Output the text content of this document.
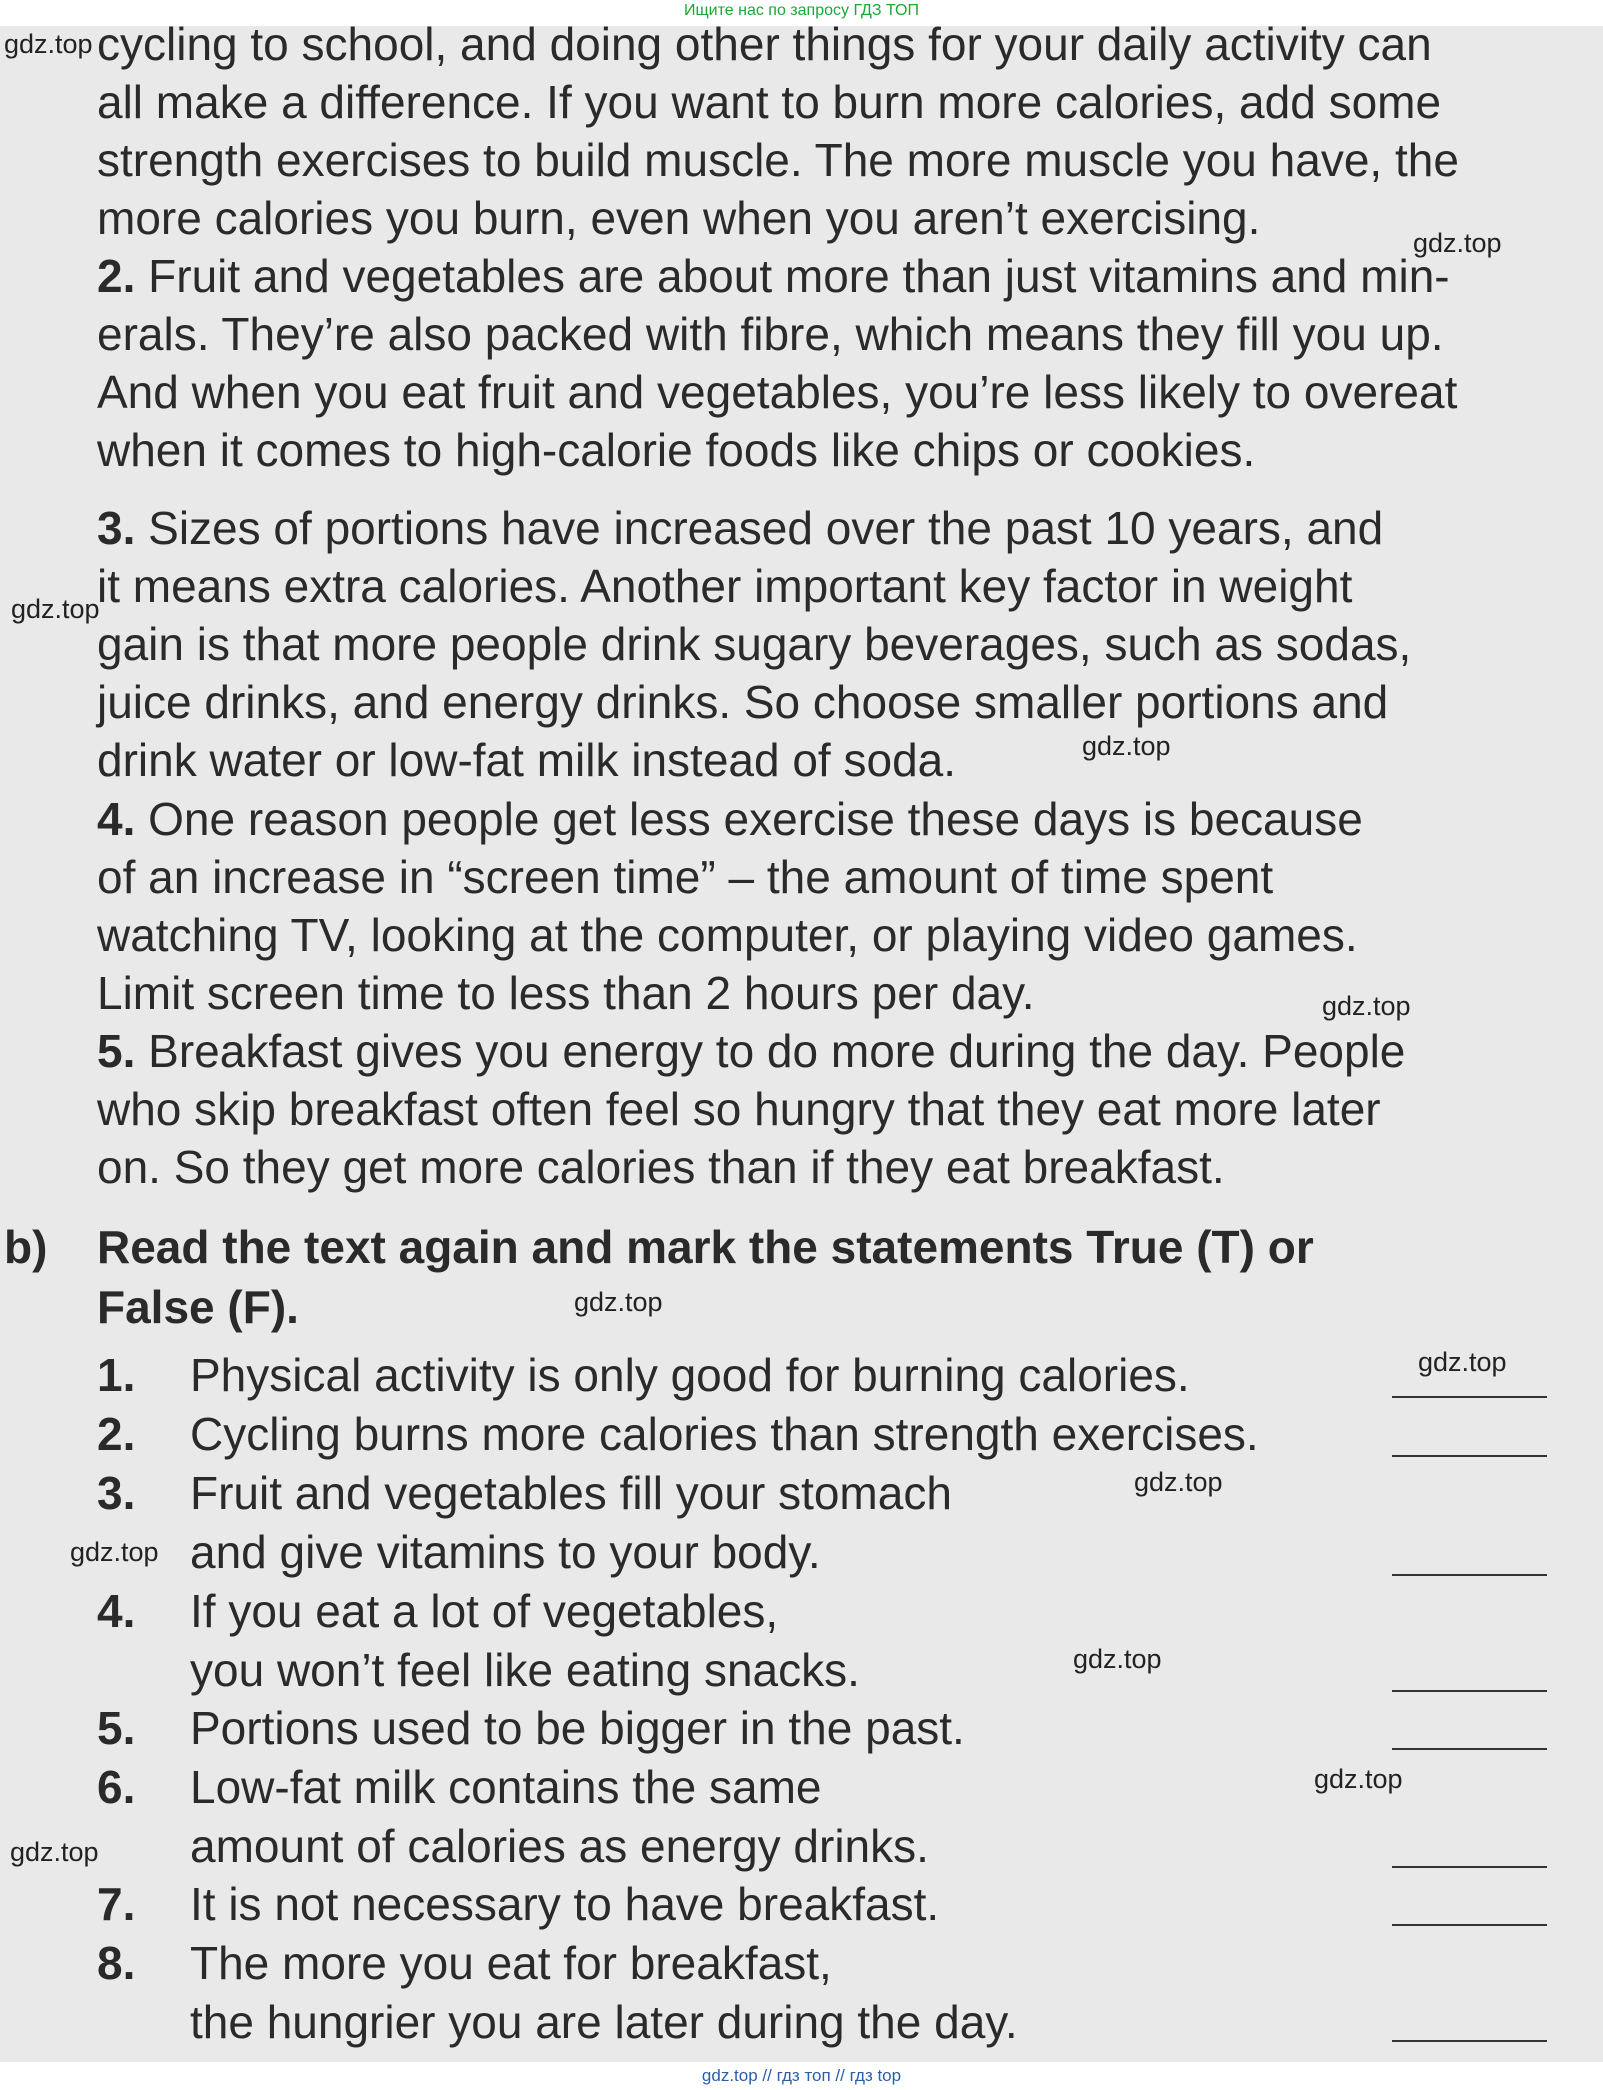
Ищите нас по запросу ГДЗ ТОП
gdz.top
gdz.top
gdz.top
gdz.top
gdz.top
gdz.top
gdz.top
gdz.top
gdz.top
gdz.top
gdz.top
gdz.top
cycling to school, and doing other things for your daily activity can
all make a difference. If you want to burn more calories, add some
strength exercises to build muscle. The more muscle you have, the
more calories you burn, even when you aren’t exercising.
2. Fruit and vegetables are about more than just vitamins and min-
erals. They’re also packed with fibre, which means they fill you up.
And when you eat fruit and vegetables, you’re less likely to overeat
when it comes to high-calorie foods like chips or cookies.
3. Sizes of portions have increased over the past 10 years, and
it means extra calories. Another important key factor in weight
gain is that more people drink sugary beverages, such as sodas,
juice drinks, and energy drinks. So choose smaller portions and
drink water or low-fat milk instead of soda.
4. One reason people get less exercise these days is because
of an increase in “screen time” – the amount of time spent
watching TV, looking at the computer, or playing video games.
Limit screen time to less than 2 hours per day.
5. Breakfast gives you energy to do more during the day. People
who skip breakfast often feel so hungry that they eat more later
on. So they get more calories than if they eat breakfast.
b) Read the text again and mark the statements True (T) or
False (F).
1. Physical activity is only good for burning calories.
2. Cycling burns more calories than strength exercises.
3. Fruit and vegetables fill your stomach
and give vitamins to your body.
4. If you eat a lot of vegetables,
you won’t feel like eating snacks.
5. Portions used to be bigger in the past.
6. Low-fat milk contains the same
amount of calories as energy drinks.
7. It is not necessary to have breakfast.
8. The more you eat for breakfast,
the hungrier you are later during the day.
gdz.top // гдз топ // гдз top
